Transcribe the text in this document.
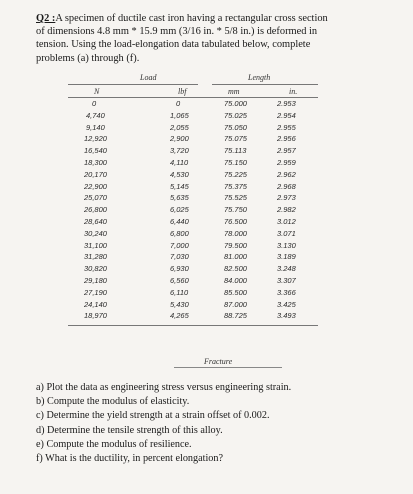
Q2 :A specimen of ductile cast iron having a rectangular cross section
of dimensions 4.8 mm * 15.9 mm (3/16 in. * 5/8 in.) is deformed in
tension. Using the load-elongation data tabulated below, complete
problems (a) through (f).
Load	Length
N	lbf	mm	in.
0	0	75.000	2.953
4,740	1,065	75.025	2.954
9,140	2,055	75.050	2.955
12,920	2,900	75.075	2.956
16,540	3,720	75.113	2.957
18,300	4,110	75.150	2.959
20,170	4,530	75.225	2.962
22,900	5,145	75.375	2.968
25,070	5,635	75.525	2.973
26,800	6,025	75.750	2.982
28,640	6,440	76.500	3.012
30,240	6,800	78.000	3.071
31,100	7,000	79.500	3.130
31,280	7,030	81.000	3.189
30,820	6,930	82.500	3.248
29,180	6,560	84.000	3.307
27,190	6,110	85.500	3.366
24,140	5,430	87.000	3.425
18,970	4,265	88.725	3.493
Fracture
a) Plot the data as engineering stress versus engineering strain.
b) Compute the modulus of elasticity.
c) Determine the yield strength at a strain offset of 0.002.
d) Determine the tensile strength of this alloy.
e) Compute the modulus of resilience.
f) What is the ductility, in percent elongation?
